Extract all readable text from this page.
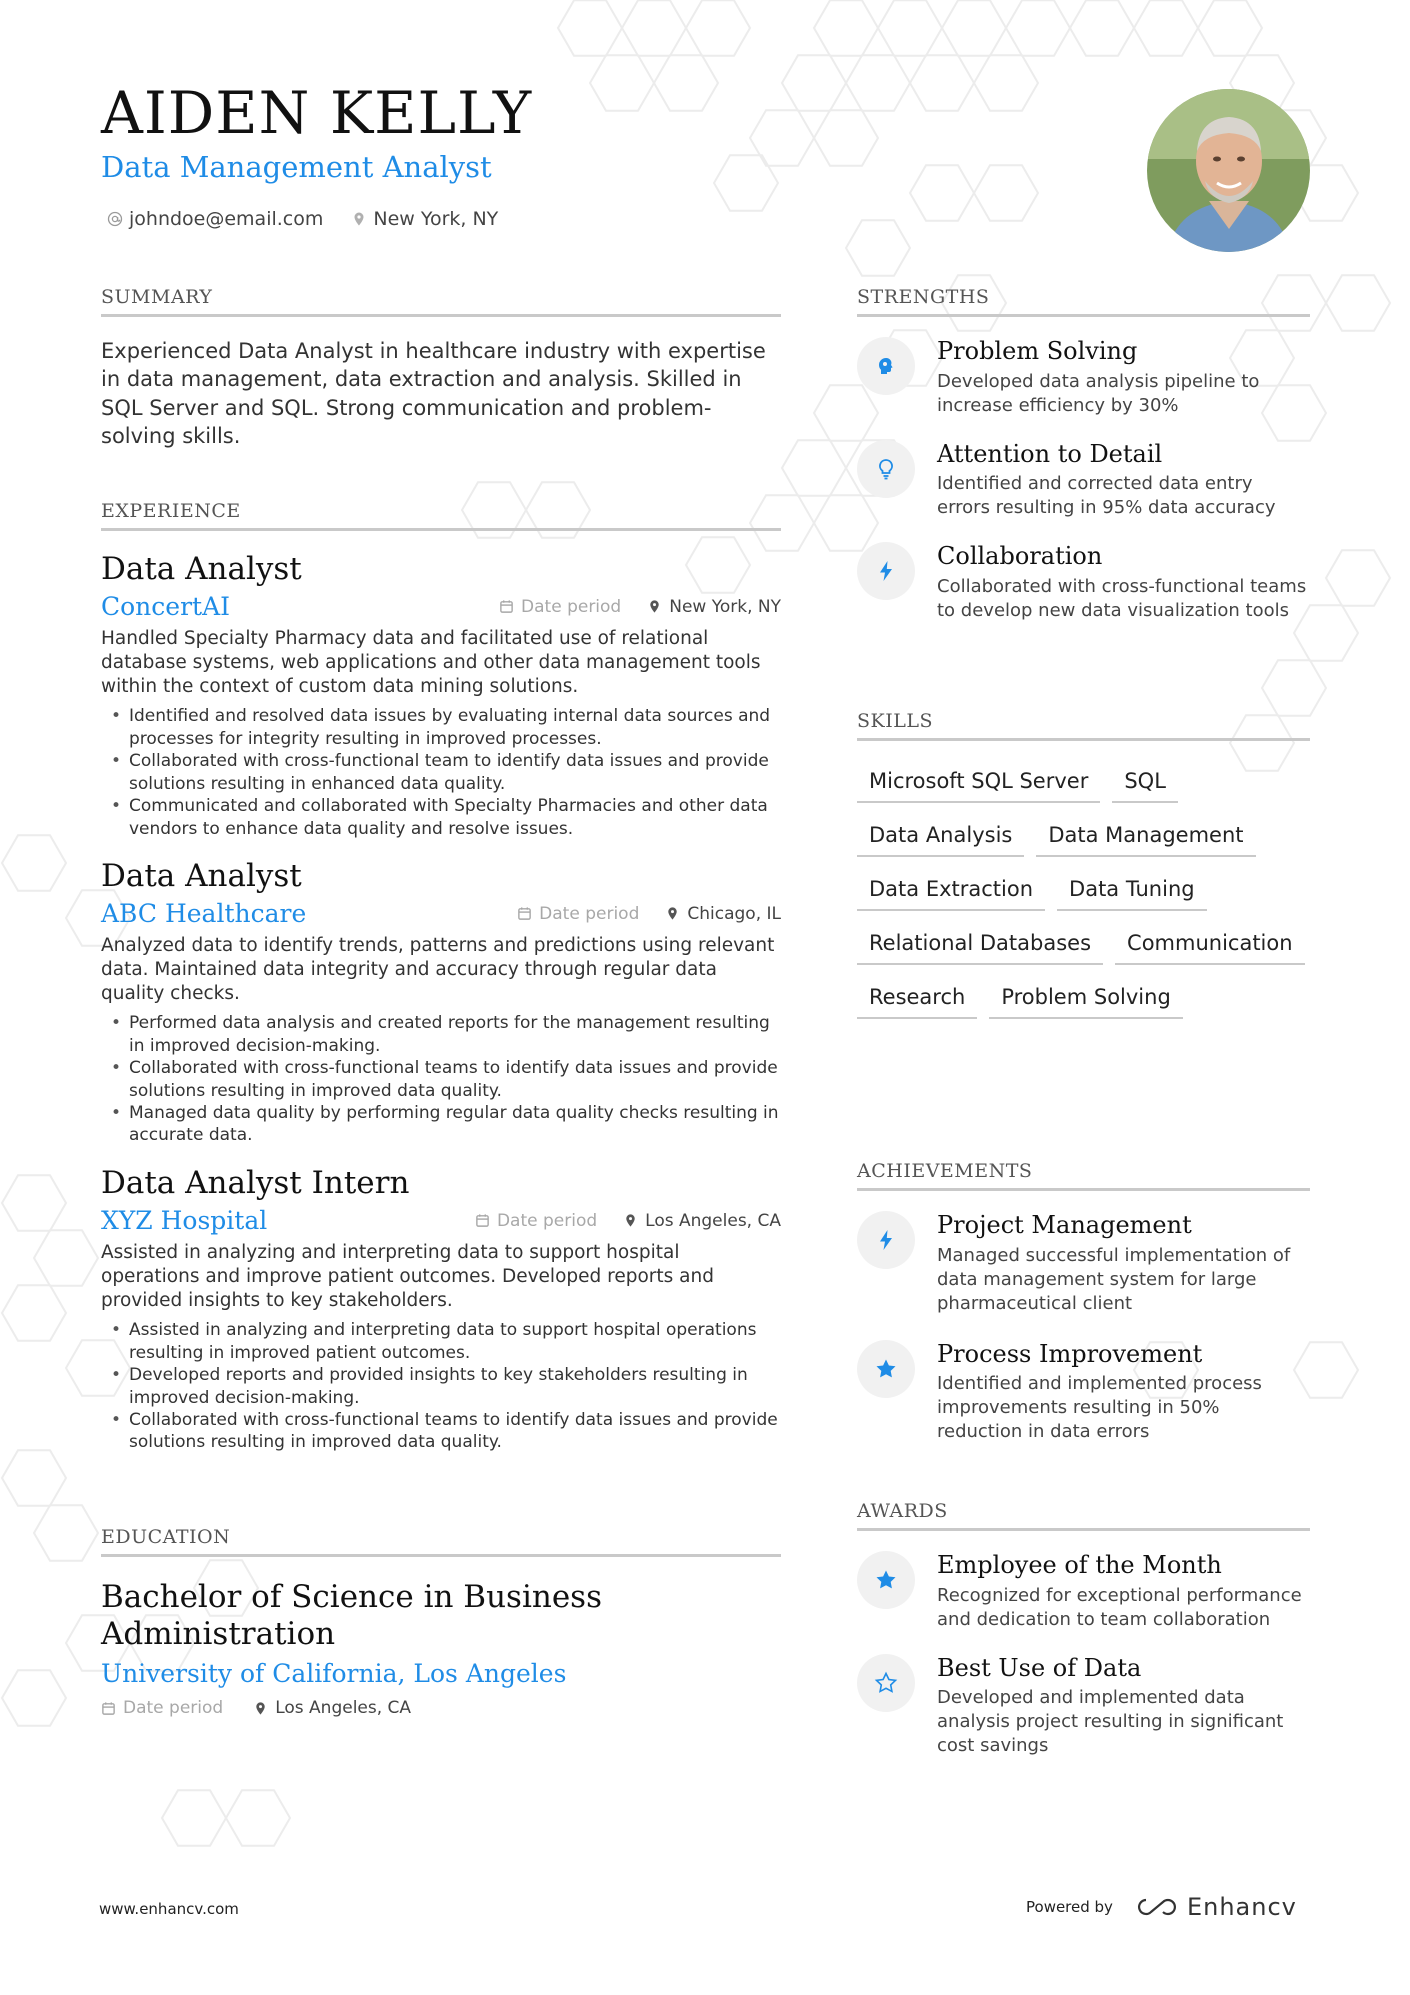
AIDEN KELLY
Data Management Analyst
johndoe@email.com	New York, NY
SUMMARY
Experienced Data Analyst in healthcare industry with expertise in data management, data extraction and analysis. Skilled in SQL Server and SQL. Strong communication and problem-solving skills.
EXPERIENCE
Data Analyst
ConcertAI	Date period	New York, NY
Handled Specialty Pharmacy data and facilitated use of relational database systems, web applications and other data management tools within the context of custom data mining solutions.
• Identified and resolved data issues by evaluating internal data sources and processes for integrity resulting in improved processes.
• Collaborated with cross-functional team to identify data issues and provide solutions resulting in enhanced data quality.
• Communicated and collaborated with Specialty Pharmacies and other data vendors to enhance data quality and resolve issues.
Data Analyst
ABC Healthcare	Date period	Chicago, IL
Analyzed data to identify trends, patterns and predictions using relevant data. Maintained data integrity and accuracy through regular data quality checks.
• Performed data analysis and created reports for the management resulting in improved decision-making.
• Collaborated with cross-functional teams to identify data issues and provide solutions resulting in improved data quality.
• Managed data quality by performing regular data quality checks resulting in accurate data.
Data Analyst Intern
XYZ Hospital	Date period	Los Angeles, CA
Assisted in analyzing and interpreting data to support hospital operations and improve patient outcomes. Developed reports and provided insights to key stakeholders.
• Assisted in analyzing and interpreting data to support hospital operations resulting in improved patient outcomes.
• Developed reports and provided insights to key stakeholders resulting in improved decision-making.
• Collaborated with cross-functional teams to identify data issues and provide solutions resulting in improved data quality.
EDUCATION
Bachelor of Science in Business Administration
University of California, Los Angeles
Date period	Los Angeles, CA
STRENGTHS
Problem Solving
Developed data analysis pipeline to increase efficiency by 30%
Attention to Detail
Identified and corrected data entry errors resulting in 95% data accuracy
Collaboration
Collaborated with cross-functional teams to develop new data visualization tools
SKILLS
Microsoft SQL Server	SQL
Data Analysis	Data Management
Data Extraction	Data Tuning
Relational Databases	Communication
Research	Problem Solving
ACHIEVEMENTS
Project Management
Managed successful implementation of data management system for large pharmaceutical client
Process Improvement
Identified and implemented process improvements resulting in 50% reduction in data errors
AWARDS
Employee of the Month
Recognized for exceptional performance and dedication to team collaboration
Best Use of Data
Developed and implemented data analysis project resulting in significant cost savings
www.enhancv.com	Powered by	Enhancv
